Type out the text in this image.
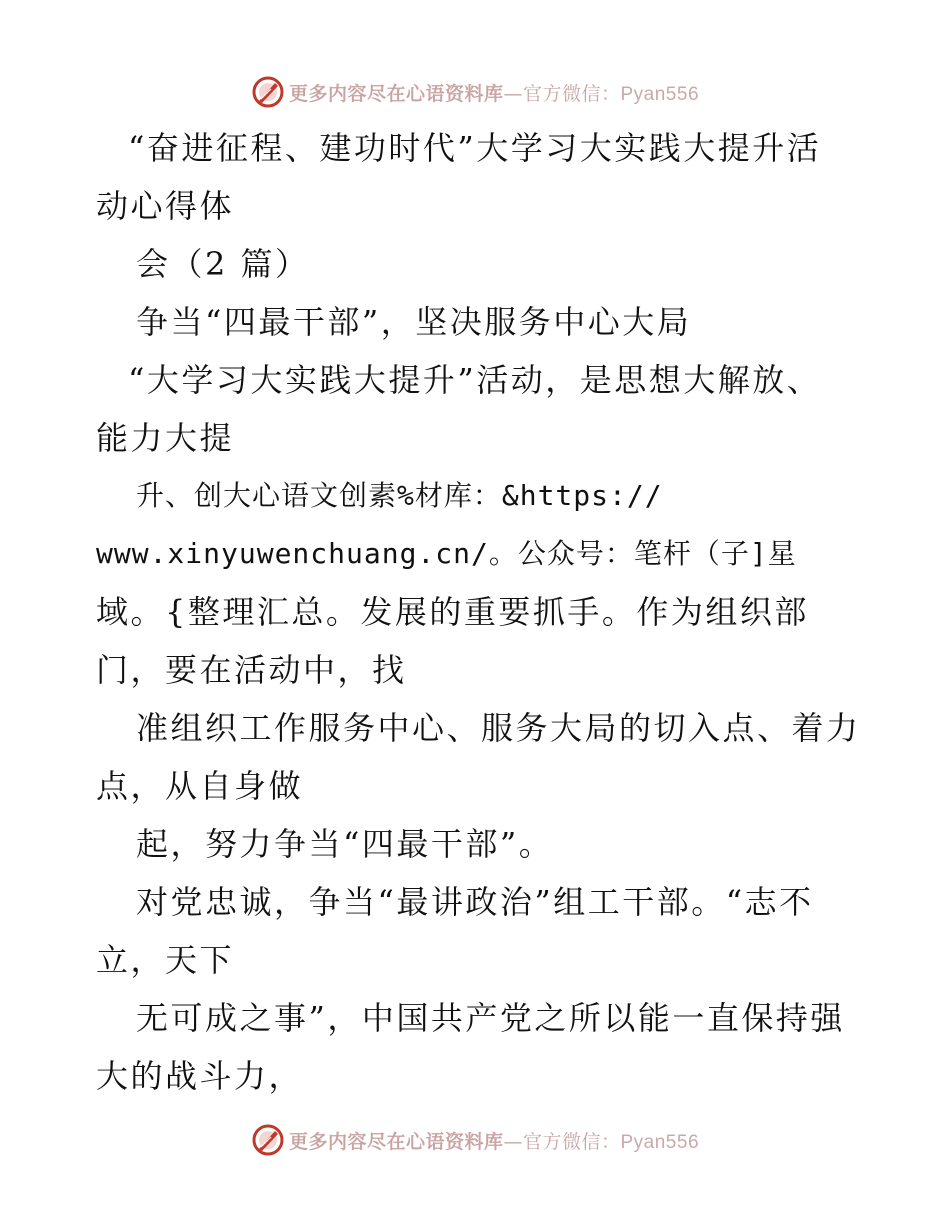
更多内容尽在心语资料库—官方微信：Pyan556
“奋进征程、建功时代”大学习大实践大提升活
动心得体
会（2 篇）
争当“四最干部”，坚决服务中心大局
“大学习大实践大提升”活动，是思想大解放、
能力大提
升、创大心语文创素%材库：&https://
www.xinyuwenchuang.cn/。公众号：笔杆（子]星
域。{整理汇总。发展的重要抓手。作为组织部
门，要在活动中，找
准组织工作服务中心、服务大局的切入点、着力
点，从自身做
起，努力争当“四最干部”。
对党忠诚，争当“最讲政治”组工干部。“志不
立，天下
无可成之事”，中国共产党之所以能一直保持强
大的战斗力，
更多内容尽在心语资料库—官方微信：Pyan556
